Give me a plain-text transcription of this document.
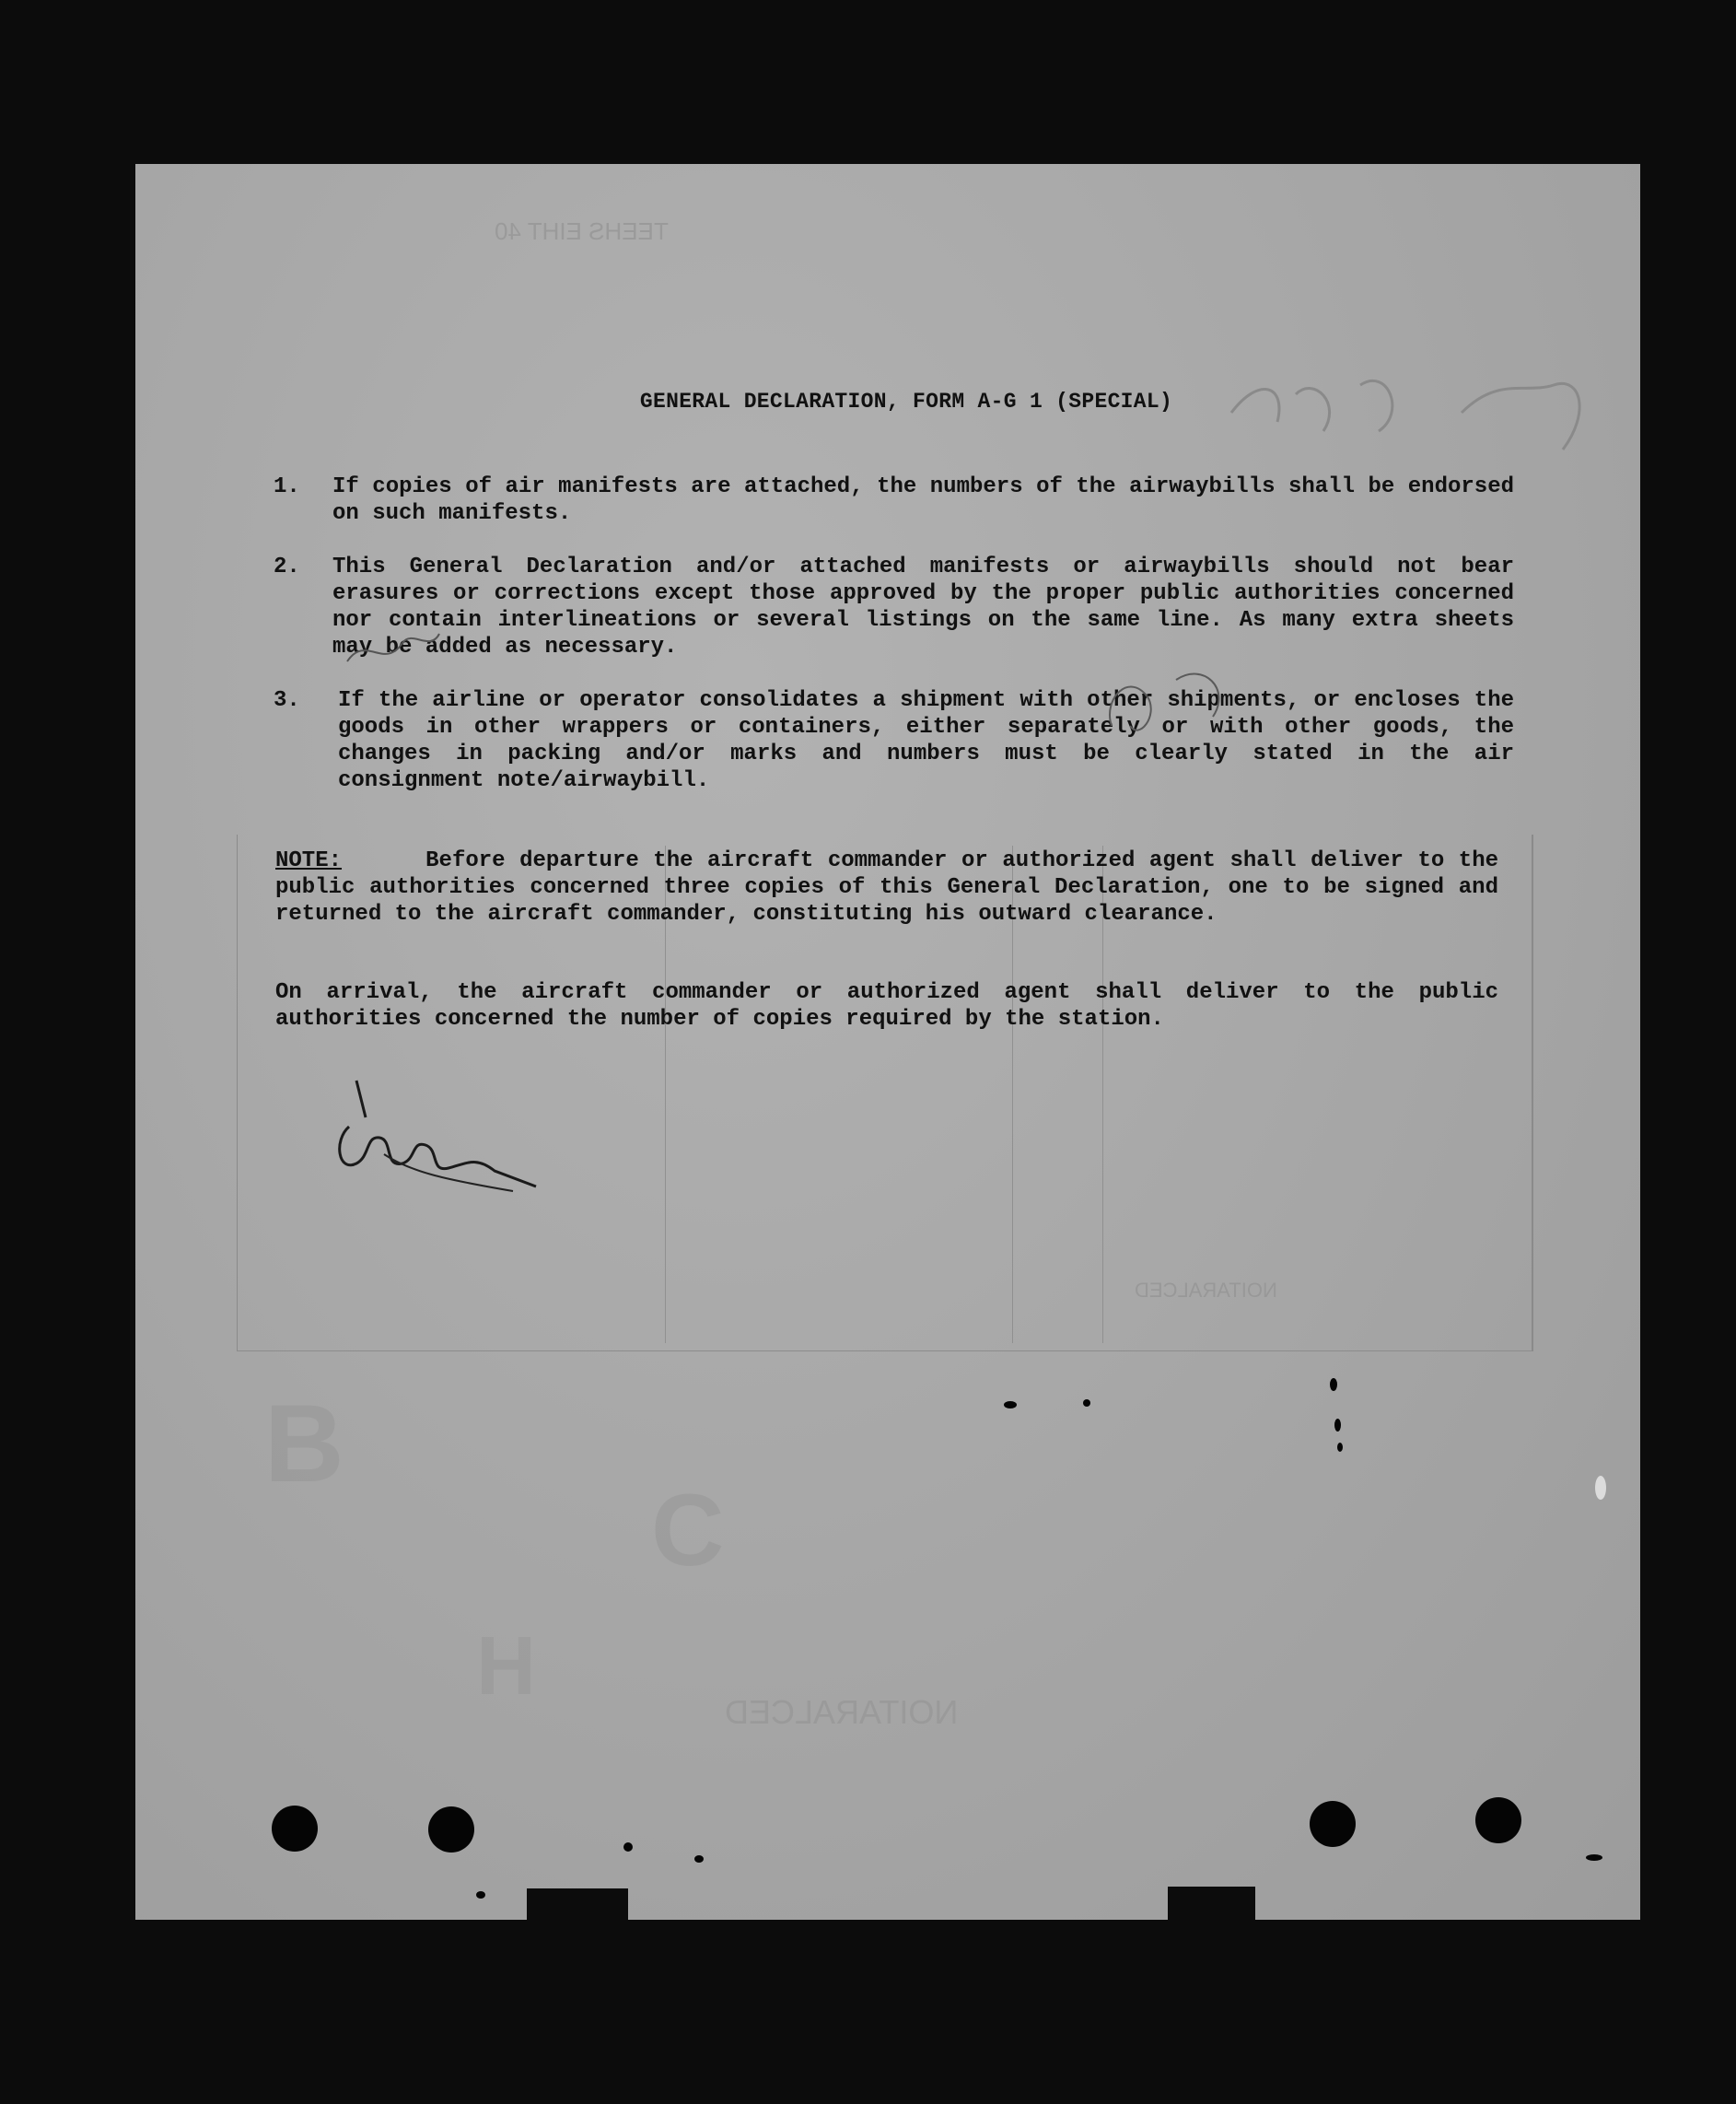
GENERAL DECLARATION, FORM A-G 1 (SPECIAL)
1. If copies of air manifests are attached, the numbers of the airwaybills shall be endorsed on such manifests.
2. This General Declaration and/or attached manifests or airwaybills should not bear erasures or corrections except those approved by the proper public authorities concerned nor contain interlineations or several listings on the same line. As many extra sheets may be added as necessary.
3. If the airline or operator consolidates a shipment with other shipments, or encloses the goods in other wrappers or containers, either separately or with other goods, the changes in packing and/or marks and numbers must be clearly stated in the air consignment note/airwaybill.
NOTE:	Before departure the aircraft commander or authorized agent shall deliver to the public authorities concerned three copies of this General Declaration, one to be signed and returned to the aircraft commander, constituting his outward clearance.
On arrival, the aircraft commander or authorized agent shall deliver to the public authorities concerned the number of copies required by the station.
TEEHS EIHT 40
NOITARALCED
NOITARALCED
B
C
H
